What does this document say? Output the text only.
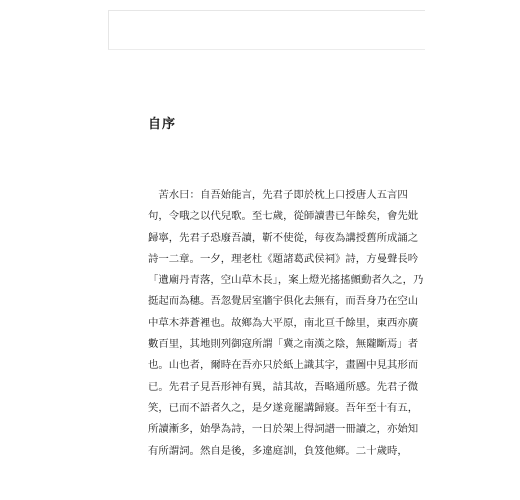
自序
　苦水曰：自吾始能言，先君子即於枕上口授唐人五言四
句，令哦之以代兒歌。至七歲，從師讀書已年餘矣，會先妣
歸寧，先君子恐廢吾讀，靳不使從，每夜為講授舊所成誦之
詩一二章。一夕，理老杜《題諸葛武侯祠》詩，方曼聲長吟
「遺廟丹青落，空山草木長」，案上燈光搖搖顫動者久之，乃
挺起而為穗。吾忽覺居室牆宇俱化去無有，而吾身乃在空山
中草木莽蒼裡也。故鄉為大平原，南北亘千餘里，東西亦廣
數百里，其地則列御寇所謂「冀之南漢之陰，無隴斷焉」者
也。山也者，爾時在吾亦只於紙上識其字，畫圖中見其形而
已。先君子見吾形神有異，詰其故，吾略通所感。先君子微
笑，已而不語者久之，是夕遂竟罷講歸寢。吾年至十有五，
所讀漸多，始學為詩，一日於架上得詞譜一冊讀之，亦始知
有所謂詞。然自是後，多違庭訓，負笈他鄉。二十歲時，
